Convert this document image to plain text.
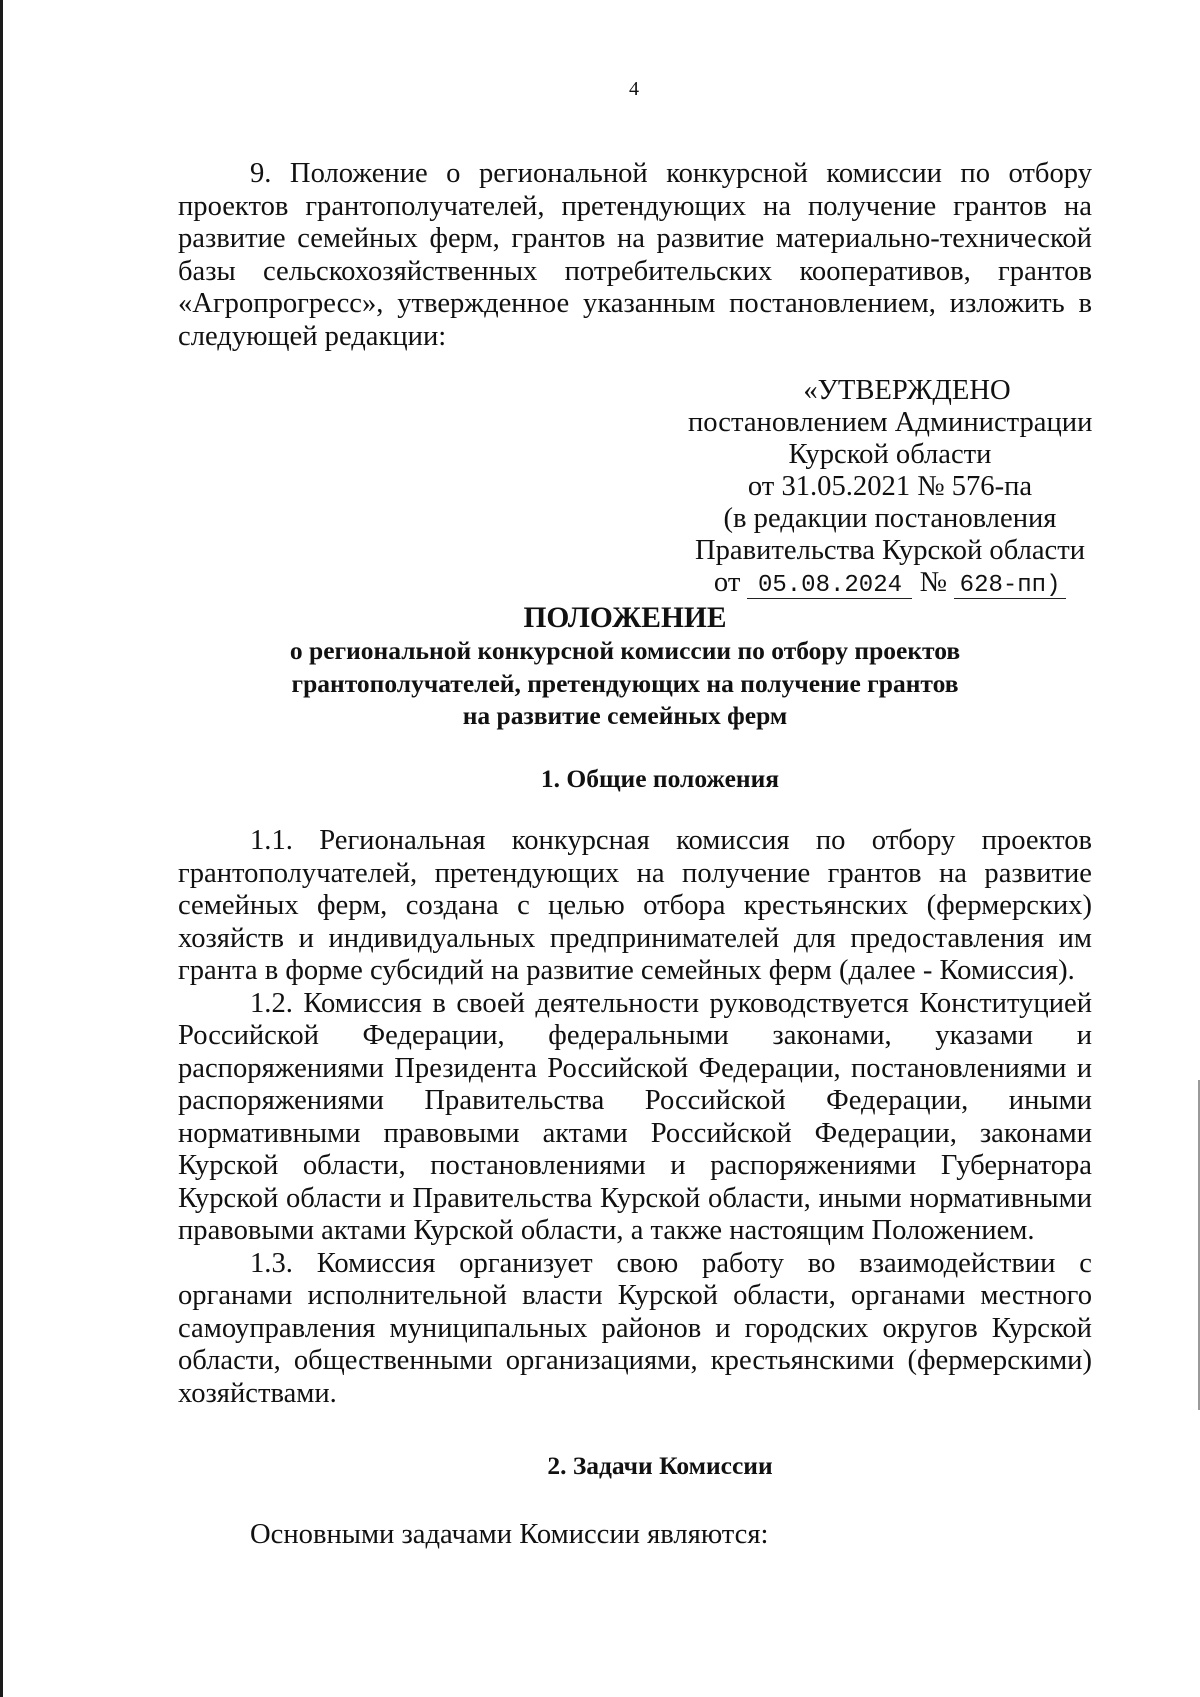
4

9. Положение о региональной конкурсной комиссии по отбору проектов грантополучателей, претендующих на получение грантов на развитие семейных ферм, грантов на развитие материально-технической базы сельскохозяйственных потребительских кооперативов, грантов «Агропрогресс», утвержденное указанным постановлением, изложить в следующей редакции:

«УТВЕРЖДЕНО
постановлением Администрации
Курской области
от 31.05.2021 № 576-па
(в редакции постановления
Правительства Курской области
от 05.08.2024 № 628-пп)
ПОЛОЖЕНИЕ
о региональной конкурсной комиссии по отбору проектов
грантополучателей, претендующих на получение грантов
на развитие семейных ферм
1. Общие положения

1.1. Региональная конкурсная комиссия по отбору проектов грантополучателей, претендующих на получение грантов на развитие семейных ферм, создана с целью отбора крестьянских (фермерских) хозяйств и индивидуальных предпринимателей для предоставления им гранта в форме субсидий на развитие семейных ферм (далее - Комиссия).

1.2. Комиссия в своей деятельности руководствуется Конституцией Российской Федерации, федеральными законами, указами и распоряжениями Президента Российской Федерации, постановлениями и распоряжениями Правительства Российской Федерации, иными нормативными правовыми актами Российской Федерации, законами Курской области, постановлениями и распоряжениями Губернатора Курской области и Правительства Курской области, иными нормативными правовыми актами Курской области, а также настоящим Положением.

1.3. Комиссия организует свою работу во взаимодействии с органами исполнительной власти Курской области, органами местного самоуправления муниципальных районов и городских округов Курской области, общественными организациями, крестьянскими (фермерскими) хозяйствами.

2. Задачи Комиссии

Основными задачами Комиссии являются:
